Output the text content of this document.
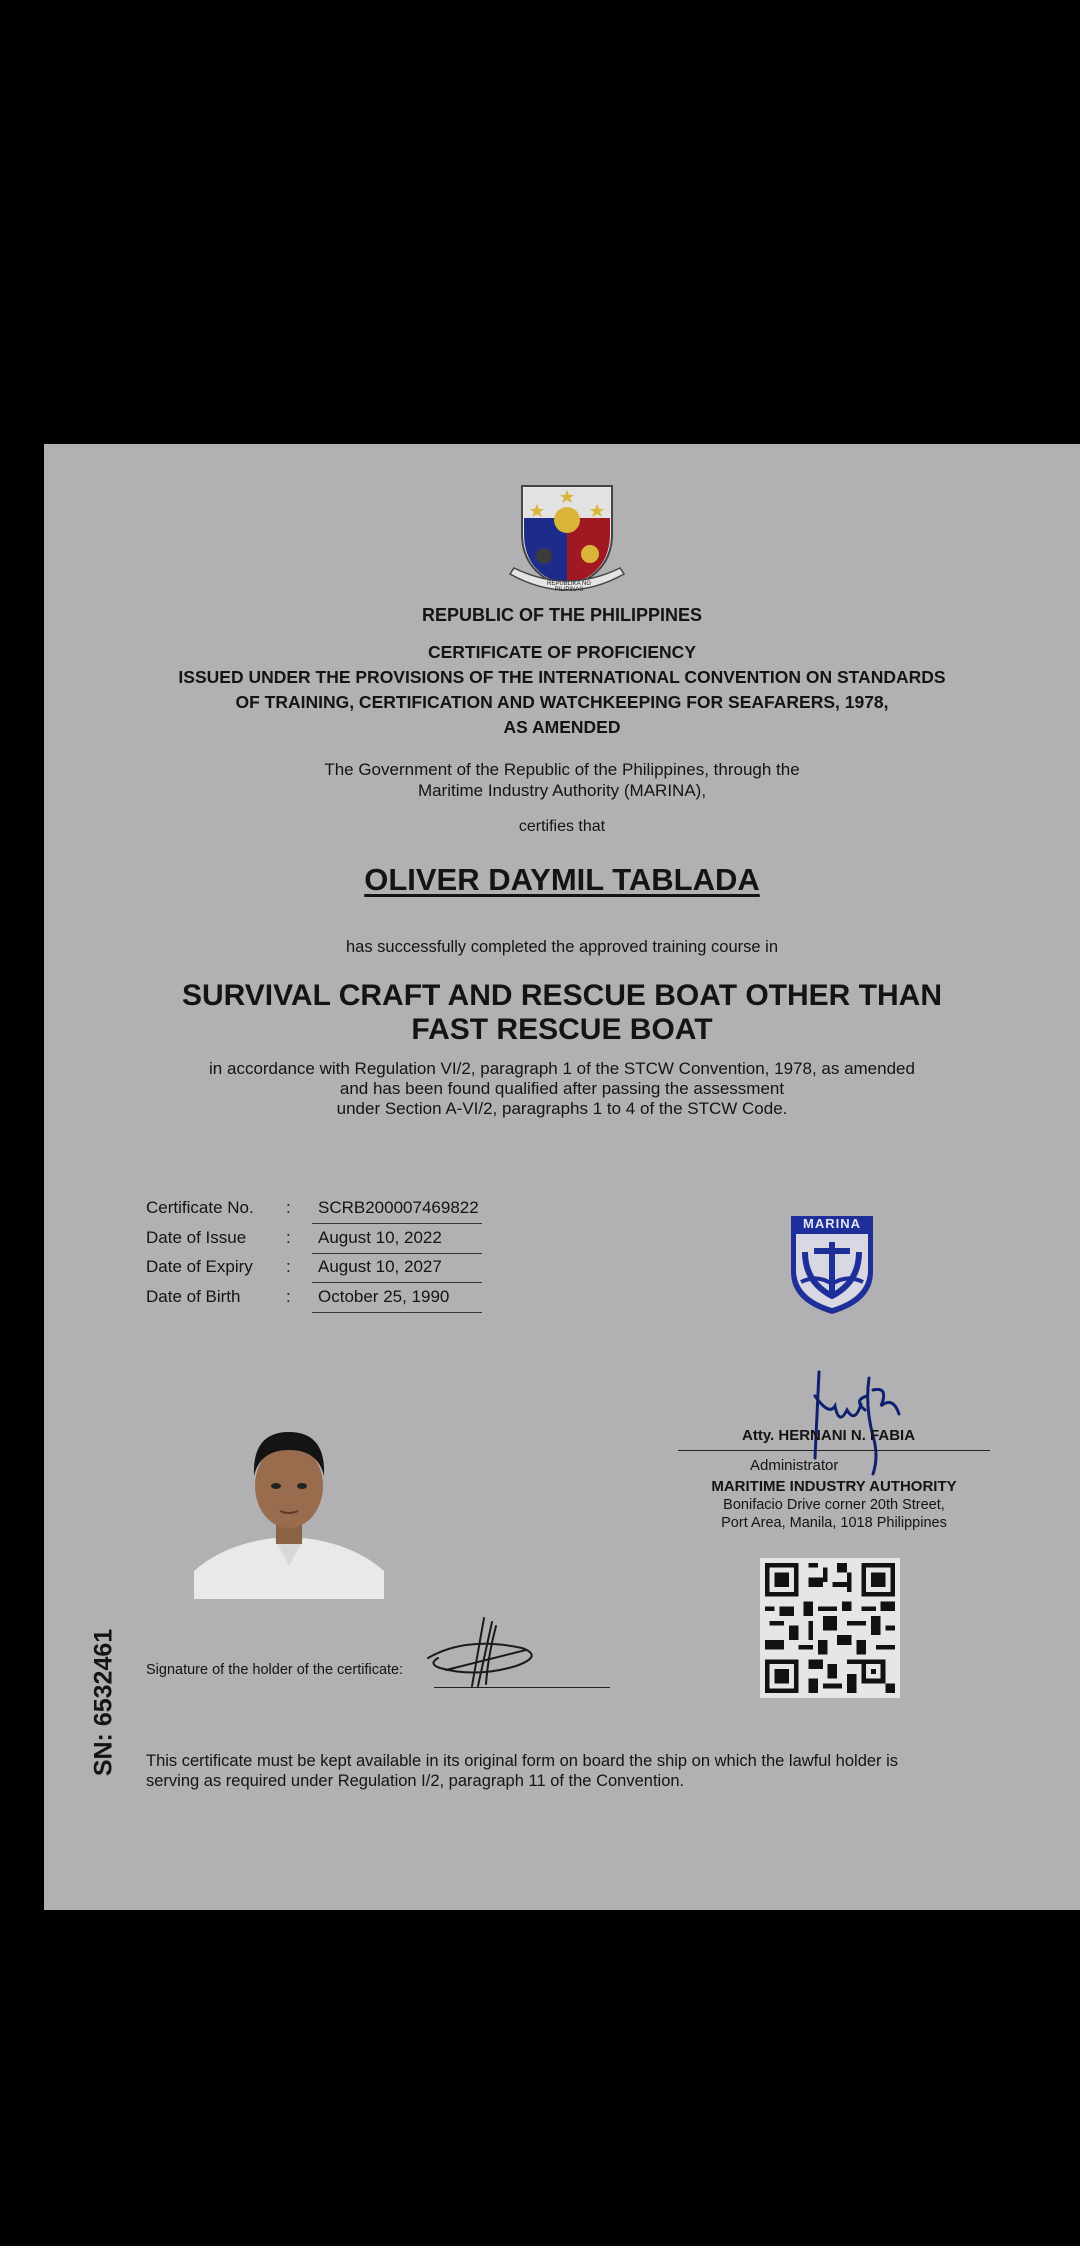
REPUBLIKA NG PILIPINAS
REPUBLIC OF THE PHILIPPINES
CERTIFICATE OF PROFICIENCY
ISSUED UNDER THE PROVISIONS OF THE INTERNATIONAL CONVENTION ON STANDARDS
OF TRAINING, CERTIFICATION AND WATCHKEEPING FOR SEAFARERS, 1978,
AS AMENDED
The Government of the Republic of the Philippines, through the
Maritime Industry Authority (MARINA),
certifies that
OLIVER DAYMIL TABLADA
has successfully completed the approved training course in
SURVIVAL CRAFT AND RESCUE BOAT OTHER THAN
FAST RESCUE BOAT
in accordance with Regulation VI/2, paragraph 1 of the STCW Convention, 1978, as amended
and has been found qualified after passing the assessment
under Section A-VI/2, paragraphs 1 to 4 of the STCW Code.
Certificate No. :	SCRB200007469822
Date of Issue :	August 10, 2022
Date of Expiry :	August 10, 2027
Date of Birth	:	October 25, 1990
MARINA
Atty. HERNANI N. FABIA
Administrator
MARITIME INDUSTRY AUTHORITY
Bonifacio Drive corner 20th Street,
Port Area, Manila, 1018 Philippines
Signature of the holder of the certificate:
SN: 6532461 This certificate must be kept available in its original form on board the ship on which the lawful holder is
serving as required under Regulation I/2, paragraph 11 of the Convention.
